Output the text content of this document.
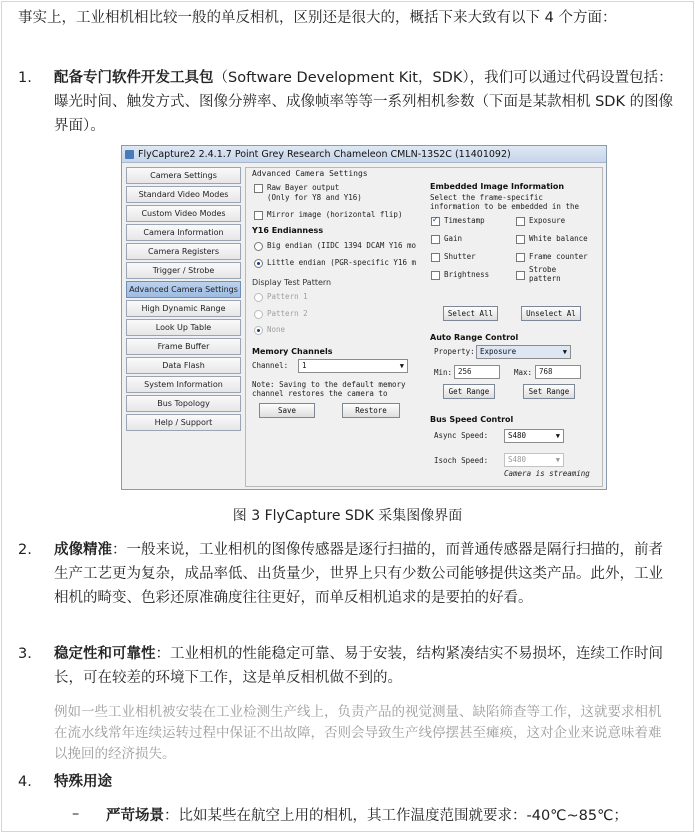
事实上，工业相机相比较一般的单反相机，区别还是很大的，概括下来大致有以下 4 个方面：
1. 配备专门软件开发工具包（Software Development Kit，SDK），我们可以通过代码设置包括：曝光时间、触发方式、图像分辨率、成像帧率等等一系列相机参数（下面是某款相机 SDK 的图像界面）。
FlyCapture2 2.4.1.7 Point Grey Research Chameleon CMLN-13S2C (11401092)
Camera Settings
Standard Video Modes
Custom Video Modes
Camera Information
Camera Registers
Trigger / Strobe
Advanced Camera Settings
High Dynamic Range
Look Up Table
Frame Buffer
Data Flash
System Information
Bus Topology
Help / Support
Advanced Camera Settings
Raw Bayer output
(Only for Y8 and Y16)
Mirror image (horizontal flip)
Y16 Endianness
Big endian (IIDC 1394 DCAM Y16 mo
Little endian (PGR-specific Y16 m
Display Test Pattern
Pattern 1
Pattern 2
None
Memory Channels
Channel:	1	▼
Note: Saving to the default memory
channel restores the camera to
Save	Restore
Embedded Image Information
Select the frame-specific
information to be embedded in the
✓
Timestamp
Gain
Shutter
Brightness
Exposure
White balance
Frame counter
Strobe
pattern
Select All	Unselect Al
Auto Range Control
Property: Exposure	▼
Min: 256	Max: 768
Get Range	Set Range
Bus Speed Control
Async Speed:	S480	▼
Isoch Speed:	S480	▼
Camera is streaming
图 3 FlyCapture SDK 采集图像界面
2. 成像精准：一般来说，工业相机的图像传感器是逐行扫描的，而普通传感器是隔行扫描的，前者生产工艺更为复杂，成品率低、出货量少，世界上只有少数公司能够提供这类产品。此外，工业相机的畸变、色彩还原准确度往往更好，而单反相机追求的是要拍的好看。
3. 稳定性和可靠性：工业相机的性能稳定可靠、易于安装，结构紧凑结实不易损坏，连续工作时间长，可在较差的环境下工作，这是单反相机做不到的。
例如一些工业相机被安装在工业检测生产线上，负责产品的视觉测量、缺陷筛查等工作，这就要求相机在流水线常年连续运转过程中保证不出故障，否则会导致生产线停摆甚至瘫痪，这对企业来说意味着难以挽回的经济损失。
4. 特殊用途
– 严苛场景：比如某些在航空上用的相机，其工作温度范围就要求：-40℃~85℃；
